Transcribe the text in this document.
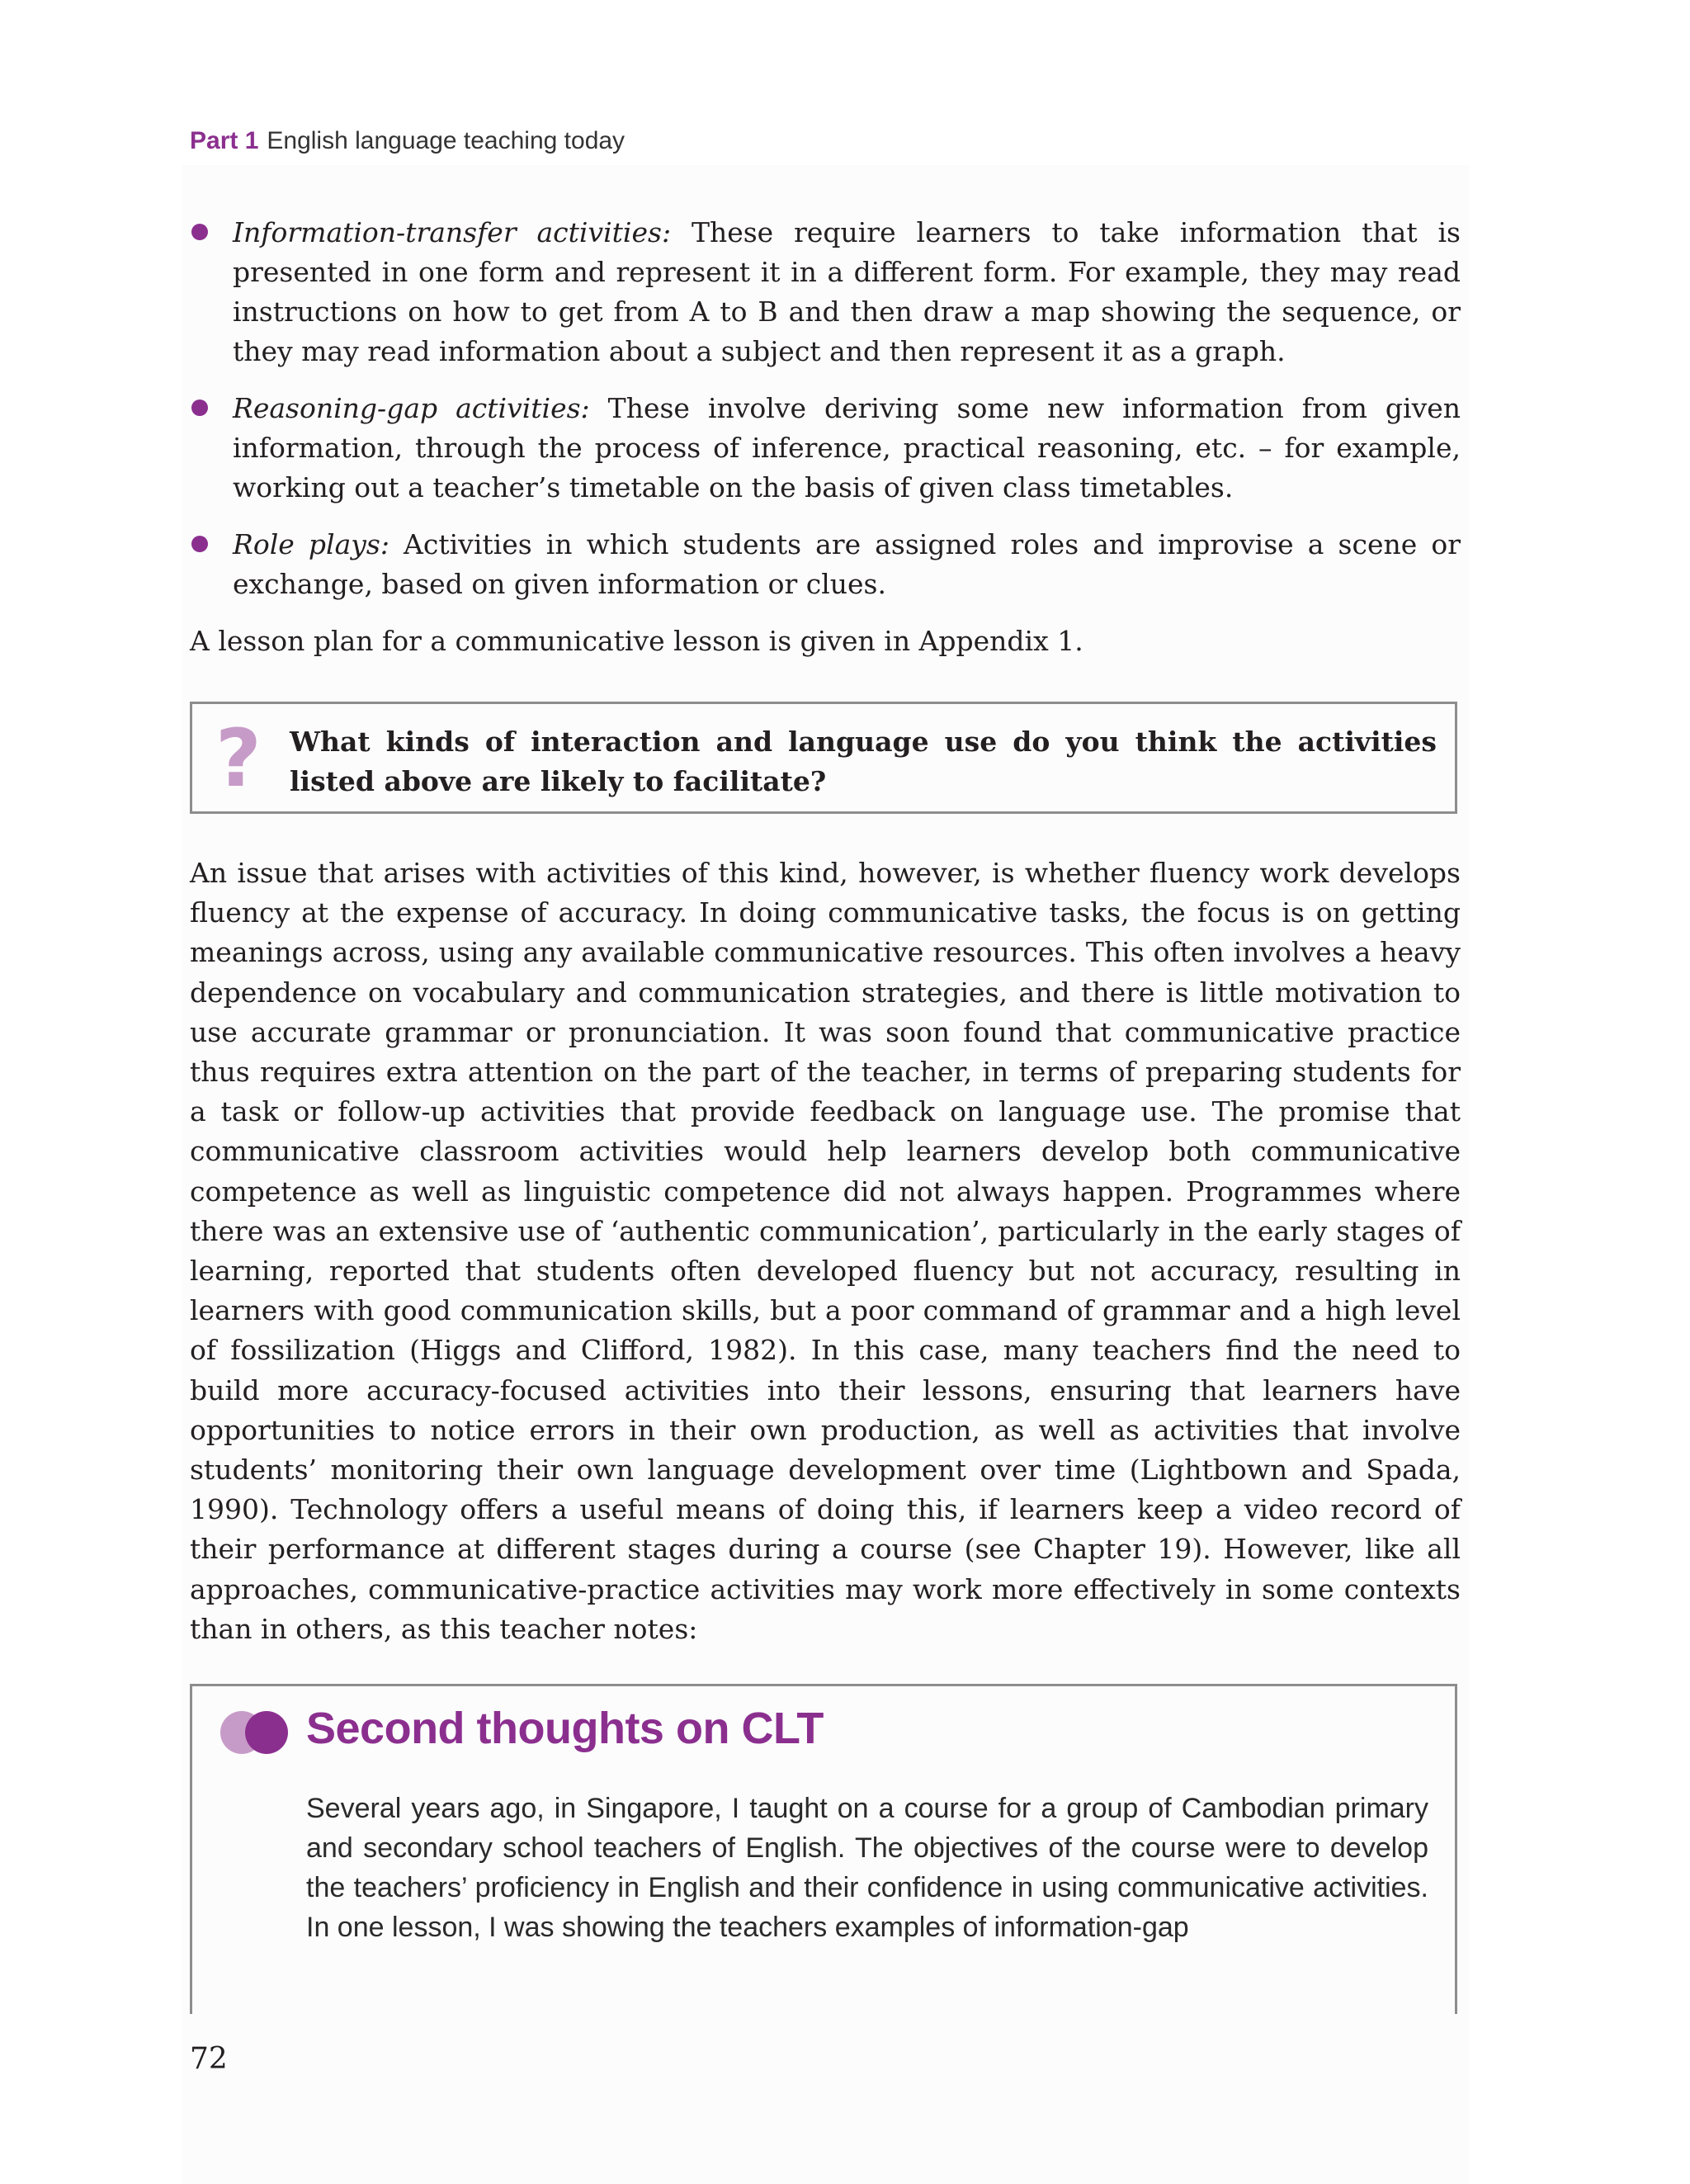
Part 1 English language teaching today

Information-transfer activities: These require learners to take information that is presented in one form and represent it in a different form. For example, they may read instructions on how to get from A to B and then draw a map showing the sequence, or they may read information about a subject and then represent it as a graph.

Reasoning-gap activities: These involve deriving some new information from given information, through the process of inference, practical reasoning, etc. – for example, working out a teacher’s timetable on the basis of given class timetables.

Role plays: Activities in which students are assigned roles and improvise a scene or exchange, based on given information or clues.

A lesson plan for a communicative lesson is given in Appendix 1.

? What kinds of interaction and language use do you think the activities listed above are likely to facilitate?
An issue that arises with activities of this kind, however, is whether fluency work develops fluency at the expense of accuracy. In doing communicative tasks, the focus is on getting meanings across, using any available communicative resources. This often involves a heavy dependence on vocabulary and communication strategies, and there is little motivation to use accurate grammar or pronunciation. It was soon found that communicative practice thus requires extra attention on the part of the teacher, in terms of preparing students for a task or follow-up activities that provide feedback on language use. The promise that communicative classroom activities would help learners develop both communicative competence as well as linguistic competence did not always happen. Programmes where there was an extensive use of ‘authentic communication’, particularly in the early stages of learning, reported that students often developed fluency but not accuracy, resulting in learners with good communication skills, but a poor command of grammar and a high level of fossilization (Higgs and Clifford, 1982). In this case, many teachers find the need to build more accuracy-focused activities into their lessons, ensuring that learners have opportunities to notice errors in their own production, as well as activities that involve students’ monitoring their own language development over time (Lightbown and Spada, 1990). Technology offers a useful means of doing this, if learners keep a video record of their performance at different stages during a course (see Chapter 19). However, like all approaches, communicative-practice activities may work more effectively in some contexts than in others, as this teacher notes:
Second thoughts on CLT
Several years ago, in Singapore, I taught on a course for a group of Cambodian primary and secondary school teachers of English. The objectives of the course were to develop the teachers’ proficiency in English and their confidence in using communicative activities. In one lesson, I was showing the teachers examples of information-gap
72
